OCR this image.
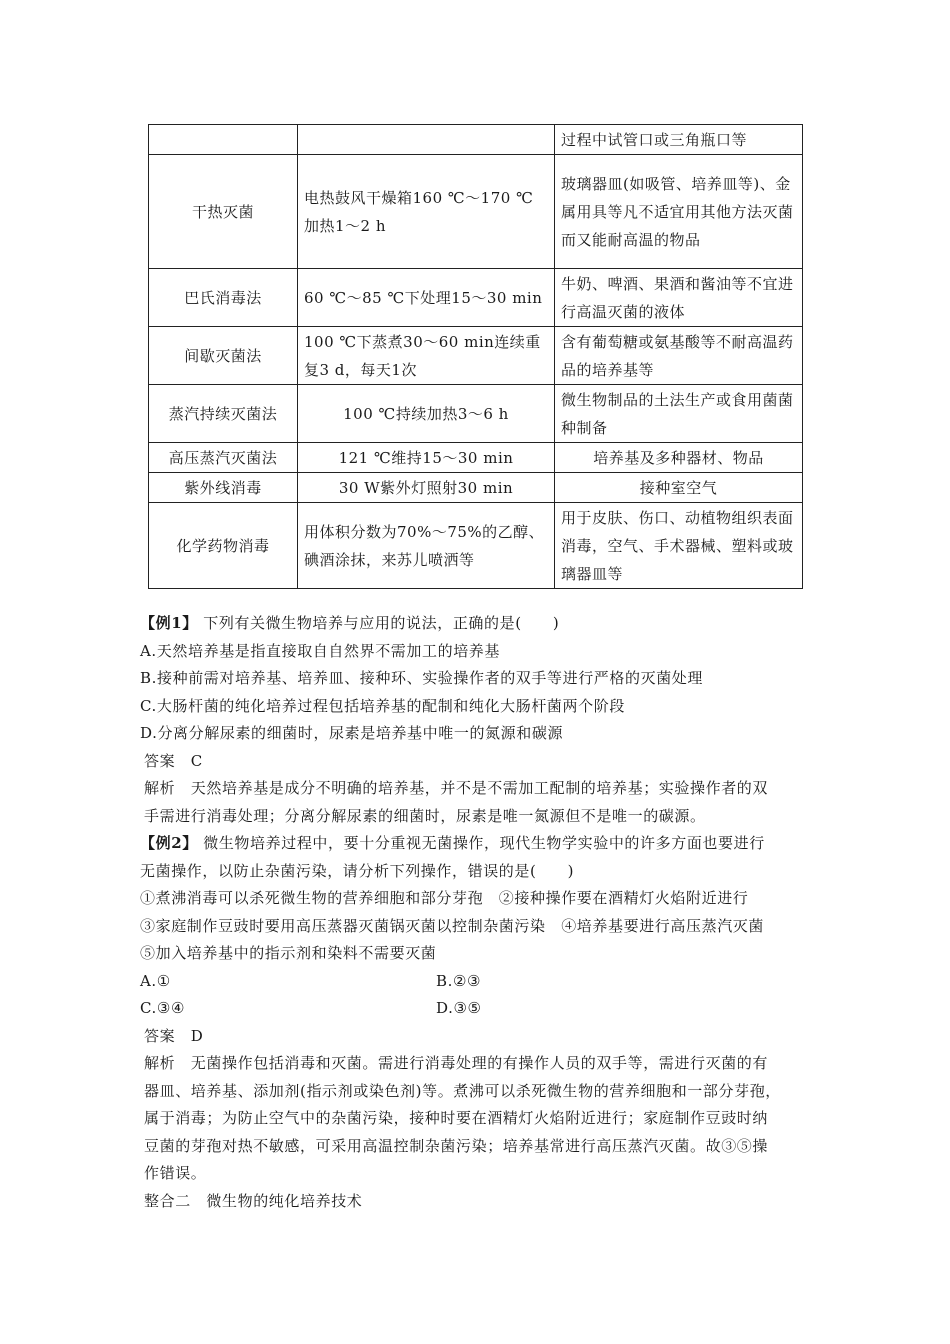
		过程中试管口或三角瓶口等
干热灭菌	电热鼓风干燥箱160 ℃～170 ℃加热1～2 h	玻璃器皿(如吸管、培养皿等)、金属用具等凡不适宜用其他方法灭菌而又能耐高温的物品
巴氏消毒法	60 ℃～85 ℃下处理15～30 min	牛奶、啤酒、果酒和酱油等不宜进行高温灭菌的液体
间歇灭菌法	100 ℃下蒸煮30～60 min连续重复3 d，每天1次	含有葡萄糖或氨基酸等不耐高温药品的培养基等
蒸汽持续灭菌法	100 ℃持续加热3～6 h	微生物制品的土法生产或食用菌菌种制备
高压蒸汽灭菌法	121 ℃维持15～30 min	培养基及多种器材、物品
紫外线消毒	30 W紫外灯照射30 min	接种室空气
化学药物消毒	用体积分数为70%～75%的乙醇、碘酒涂抹，来苏儿喷洒等	用于皮肤、伤口、动植物组织表面消毒，空气、手术器械、塑料或玻璃器皿等

【例1】 下列有关微生物培养与应用的说法，正确的是(　　)

A.天然培养基是指直接取自自然界不需加工的培养基

B.接种前需对培养基、培养皿、接种环、实验操作者的双手等进行严格的灭菌处理

C.大肠杆菌的纯化培养过程包括培养基的配制和纯化大肠杆菌两个阶段

D.分离分解尿素的细菌时，尿素是培养基中唯一的氮源和碳源

答案　C

解析　天然培养基是成分不明确的培养基，并不是不需加工配制的培养基；实验操作者的双

手需进行消毒处理；分离分解尿素的细菌时，尿素是唯一氮源但不是唯一的碳源。

【例2】 微生物培养过程中，要十分重视无菌操作，现代生物学实验中的许多方面也要进行

无菌操作，以防止杂菌污染，请分析下列操作，错误的是(　　)

①煮沸消毒可以杀死微生物的营养细胞和部分芽孢　②接种操作要在酒精灯火焰附近进行

③家庭制作豆豉时要用高压蒸器灭菌锅灭菌以控制杂菌污染　④培养基要进行高压蒸汽灭菌

⑤加入培养基中的指示剂和染料不需要灭菌

A.①	B.②③

C.③④	D.③⑤

答案　D

解析　无菌操作包括消毒和灭菌。需进行消毒处理的有操作人员的双手等，需进行灭菌的有

器皿、培养基、添加剂(指示剂或染色剂)等。煮沸可以杀死微生物的营养细胞和一部分芽孢，

属于消毒；为防止空气中的杂菌污染，接种时要在酒精灯火焰附近进行；家庭制作豆豉时纳

豆菌的芽孢对热不敏感，可采用高温控制杂菌污染；培养基常进行高压蒸汽灭菌。故③⑤操

作错误。

整合二　微生物的纯化培养技术
